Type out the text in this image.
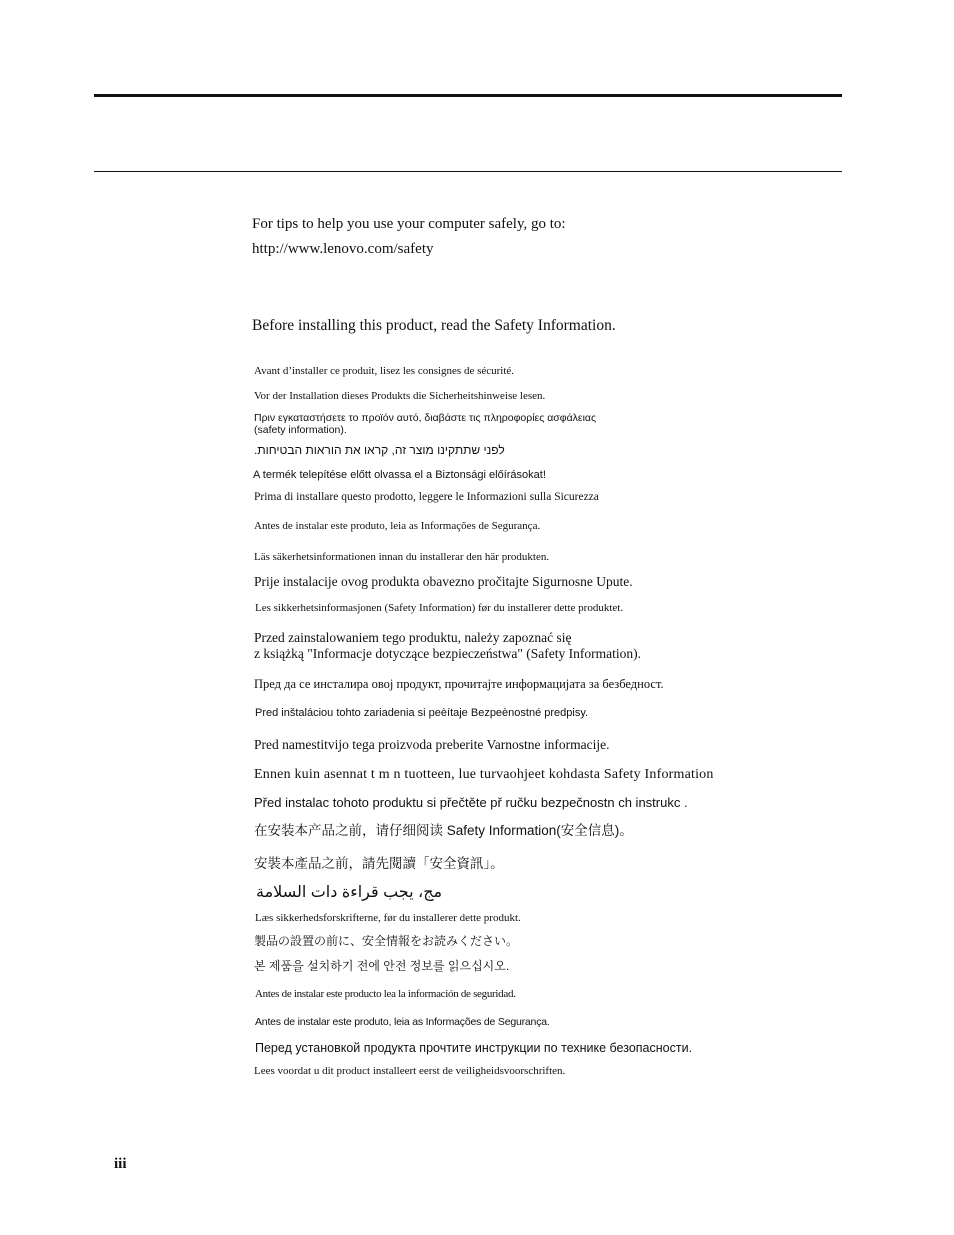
For tips to help you use your computer safely, go to:
http://www.lenovo.com/safety
Before installing this product, read the Safety Information.
Avant d’installer ce produit, lisez les consignes de sécurité.
Vor der Installation dieses Produkts die Sicherheitshinweise lesen.
Πριν εγκαταστήσετε το προϊόν αυτό, διαβάστε τις πληροφορίες ασφάλειας
(safety information).
לפני שתתקינו מוצר זה, קראו את הוראות הבטיחות.
A termék telepítése előtt olvassa el a Biztonsági előírásokat!
Prima di installare questo prodotto, leggere le Informazioni sulla Sicurezza
Antes de instalar este produto, leia as Informações de Segurança.
Läs säkerhetsinformationen innan du installerar den här produkten.
Prije instalacije ovog produkta obavezno pročitajte Sigurnosne Upute.
Les sikkerhetsinformasjonen (Safety Information) før du installerer dette produktet.
Przed zainstalowaniem tego produktu, należy zapoznać się
z książką "Informacje dotyczące bezpieczeństwa" (Safety Information).
Пред да се инсталира овој продукт, прочитајте информацијата за безбедност.
Pred inštaláciou tohto zariadenia si peèítaje Bezpeènostné predpisy.
Pred namestitvijo tega proizvoda preberite Varnostne informacije.
Ennen kuin asennat t m n tuotteen, lue turvaohjeet kohdasta Safety Information
Před instalac tohoto produktu si přečtěte př ručku bezpečnostn ch instrukc .
在安装本产品之前，请仔细阅读 Safety Information(安全信息)。
安裝本產品之前，請先閱讀「安全資訊」。
مج، يجب قراءة دات السلامة
Læs sikkerhedsforskrifterne, før du installerer dette produkt.
製品の設置の前に、安全情報をお読みください。
본 제품을 설치하기 전에 안전 정보를 읽으십시오.
Antes de instalar este producto lea la información de seguridad.
Antes de instalar este produto, leia as Informações de Segurança.
Перед установкой продукта прочтите инструкции по технике безопасности.
Lees voordat u dit product installeert eerst de veiligheidsvoorschriften.
iii
